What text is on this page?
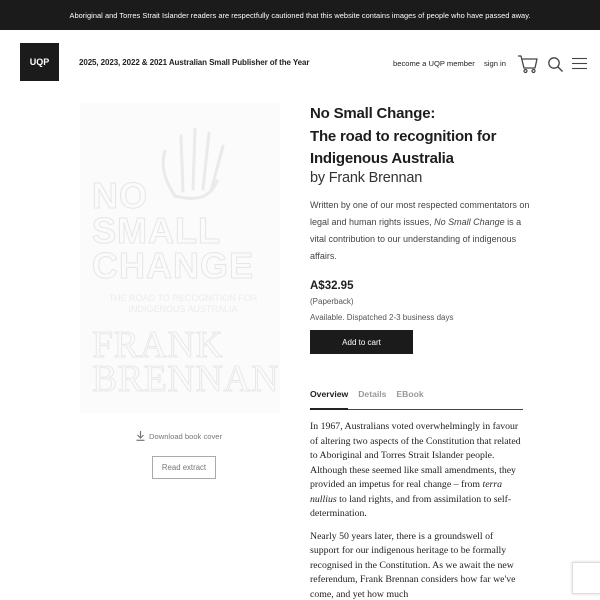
Aboriginal and Torres Strait Islander readers are respectfully cautioned that this website contains images of people who have passed away.
UQP	2025, 2023, 2022 & 2021 Australian Small Publisher of the Year	become a UQP member sign in
NO SMALL CHANGE
THE ROAD TO RECOGNITION FOR INDIGENOUS AUSTRALIA
FRANK BRENNAN
Download book cover
Read extract
No Small Change:
The road to recognition for
Indigenous Australia
by Frank Brennan

Written by one of our most respected commentators on legal and human rights issues, No Small Change is a vital contribution to our understanding of indigenous affairs.

A$32.95
(Paperback)
Available. Dispatched 2-3 business days
Add to cart
Overview Details EBook

In 1967, Australians voted overwhelmingly in favour of altering two aspects of the Constitution that related to Aboriginal and Torres Strait Islander people. Although these seemed like small amendments, they provided an impetus for real change – from terra nullius to land rights, and from assimilation to self-determination.

Nearly 50 years later, there is a groundswell of support for our indigenous heritage to be formally recognised in the Constitution. As we await the new referendum, Frank Brennan considers how far we've come, and yet how much
